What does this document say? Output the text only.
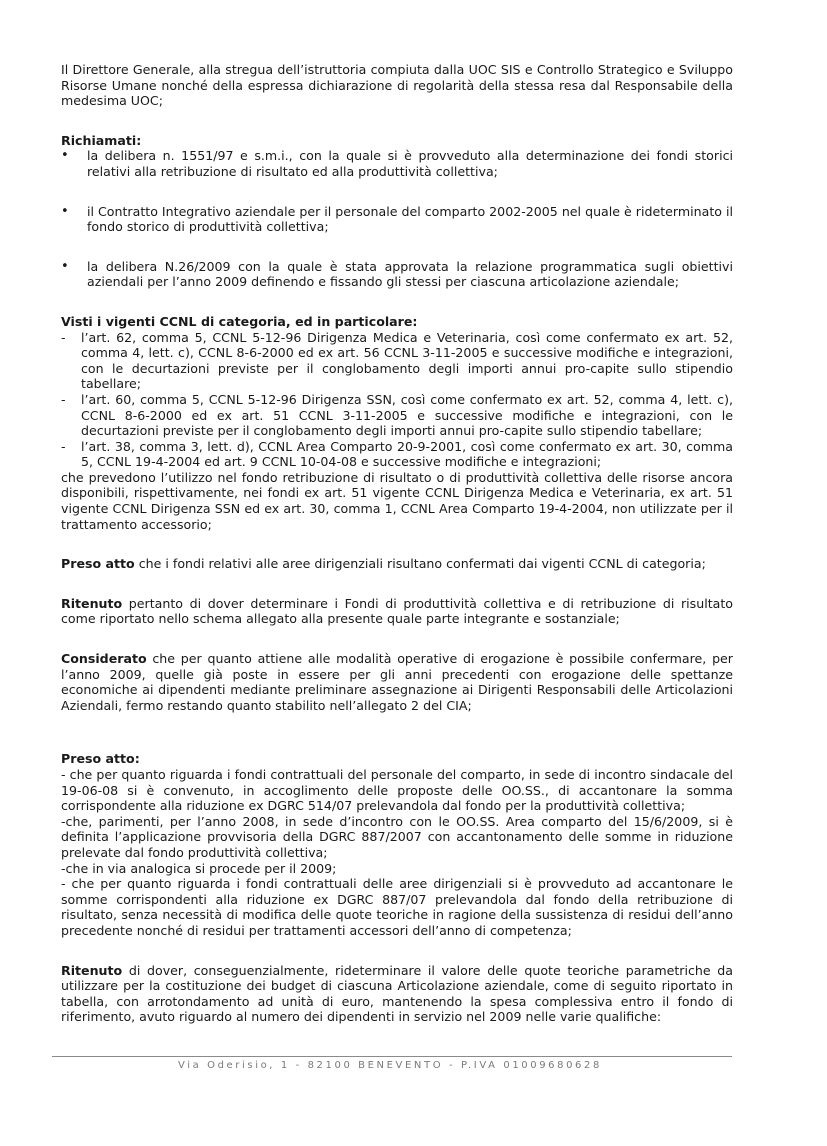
Il Direttore Generale, alla stregua dell’istruttoria compiuta dalla UOC SIS e Controllo Strategico e Sviluppo Risorse Umane nonché della espressa dichiarazione di regolarità della stessa resa dal Responsabile della medesima UOC;

Richiamati:
•	la delibera n. 1551/97 e s.m.i., con la quale si è provveduto alla determinazione dei fondi storici relativi alla retribuzione di risultato ed alla produttività collettiva;
•	il Contratto Integrativo aziendale per il personale del comparto 2002-2005 nel quale è rideterminato il fondo storico di produttività collettiva;
•	la delibera N.26/2009 con la quale è stata approvata la relazione programmatica sugli obiettivi aziendali per l’anno 2009 definendo e fissando gli stessi per ciascuna articolazione aziendale;
Visti i vigenti CCNL di categoria, ed in particolare:
-	l’art. 62, comma 5, CCNL 5-12-96 Dirigenza Medica e Veterinaria, così come confermato ex art. 52, comma 4, lett. c), CCNL 8-6-2000 ed ex art. 56 CCNL 3-11-2005 e successive modifiche e integrazioni, con le decurtazioni previste per il conglobamento degli importi annui pro-capite sullo stipendio tabellare;
-	l’art. 60, comma 5, CCNL 5-12-96 Dirigenza SSN, così come confermato ex art. 52, comma 4, lett. c), CCNL 8-6-2000 ed ex art. 51 CCNL 3-11-2005 e successive modifiche e integrazioni, con le decurtazioni previste per il conglobamento degli importi annui pro-capite sullo stipendio tabellare;
-	l’art. 38, comma 3, lett. d), CCNL Area Comparto 20-9-2001, così come confermato ex art. 30, comma 5, CCNL 19-4-2004 ed art. 9 CCNL 10-04-08 e successive modifiche e integrazioni;

che prevedono l’utilizzo nel fondo retribuzione di risultato o di produttività collettiva delle risorse ancora disponibili, rispettivamente, nei fondi ex art. 51 vigente CCNL Dirigenza Medica e Veterinaria, ex art. 51 vigente CCNL Dirigenza SSN ed ex art. 30, comma 1, CCNL Area Comparto 19-4-2004, non utilizzate per il trattamento accessorio;

Preso atto che i fondi relativi alle aree dirigenziali risultano confermati dai vigenti CCNL di categoria;

Ritenuto pertanto di dover determinare i Fondi di produttività collettiva e di retribuzione di risultato come riportato nello schema allegato alla presente quale parte integrante e sostanziale;

Considerato che per quanto attiene alle modalità operative di erogazione è possibile confermare, per l’anno 2009, quelle già poste in essere per gli anni precedenti con erogazione delle spettanze economiche ai dipendenti mediante preliminare assegnazione ai Dirigenti Responsabili delle Articolazioni Aziendali, fermo restando quanto stabilito nell’allegato 2 del CIA;

Preso atto:

- che per quanto riguarda i fondi contrattuali del personale del comparto, in sede di incontro sindacale del 19-06-08 si è convenuto, in accoglimento delle proposte delle OO.SS., di accantonare la somma corrispondente alla riduzione ex DGRC 514/07 prelevandola dal fondo per la produttività collettiva;

-che, parimenti, per l’anno 2008, in sede d’incontro con le OO.SS. Area comparto del 15/6/2009, si è definita l’applicazione provvisoria della DGRC 887/2007 con accantonamento delle somme in riduzione prelevate dal fondo produttività collettiva;

-che in via analogica si procede per il 2009;

- che per quanto riguarda i fondi contrattuali delle aree dirigenziali si è provveduto ad accantonare le somme corrispondenti alla riduzione ex DGRC 887/07 prelevandola dal fondo della retribuzione di risultato, senza necessità di modifica delle quote teoriche in ragione della sussistenza di residui dell’anno precedente nonché di residui per trattamenti accessori dell’anno di competenza;

Ritenuto di dover, conseguenzialmente, rideterminare il valore delle quote teoriche parametriche da utilizzare per la costituzione dei budget di ciascuna Articolazione aziendale, come di seguito riportato in tabella, con arrotondamento ad unità di euro, mantenendo la spesa complessiva entro il fondo di riferimento, avuto riguardo al numero dei dipendenti in servizio nel 2009 nelle varie qualifiche:

Via Oderisio, 1 - 82100 BENEVENTO - P.IVA 01009680628
